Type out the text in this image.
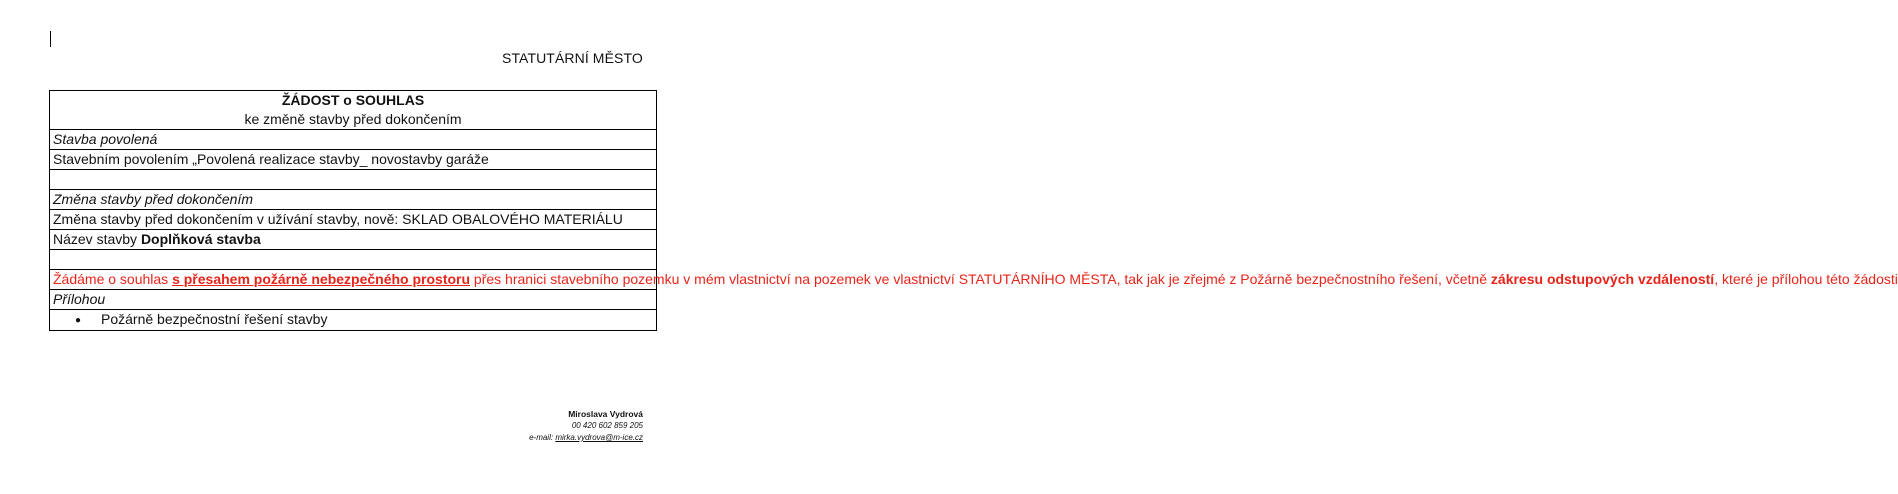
STATUTÁRNÍ MĚSTO
ŽÁDOST o SOUHLAS
ke změně stavby před dokončením

Stavba povolená
Stavebním povolením „Povolená realizace stavby_ novostavby garáže

Změna stavby před dokončením
Změna stavby před dokončením v užívání stavby, nově: SKLAD OBALOVÉHO MATERIÁLU
Název stavby Doplňková stavba

Žádáme o souhlas s přesahem požárně nebezpečného prostoru přes hranici stavebního pozemku v mém vlastnictví na pozemek ve vlastnictví STATUTÁRNÍHO MĚSTA, tak jak je zřejmé z Požárně bezpečnostního řešení, včetně zákresu odstupových vzdáleností, které je přílohou této žádosti
Přílohou
● Požárně bezpečnostní řešení stavby
Miroslava Vydrová
00 420 602 859 205
e-mail: mirka.vydrova@m-ice.cz
